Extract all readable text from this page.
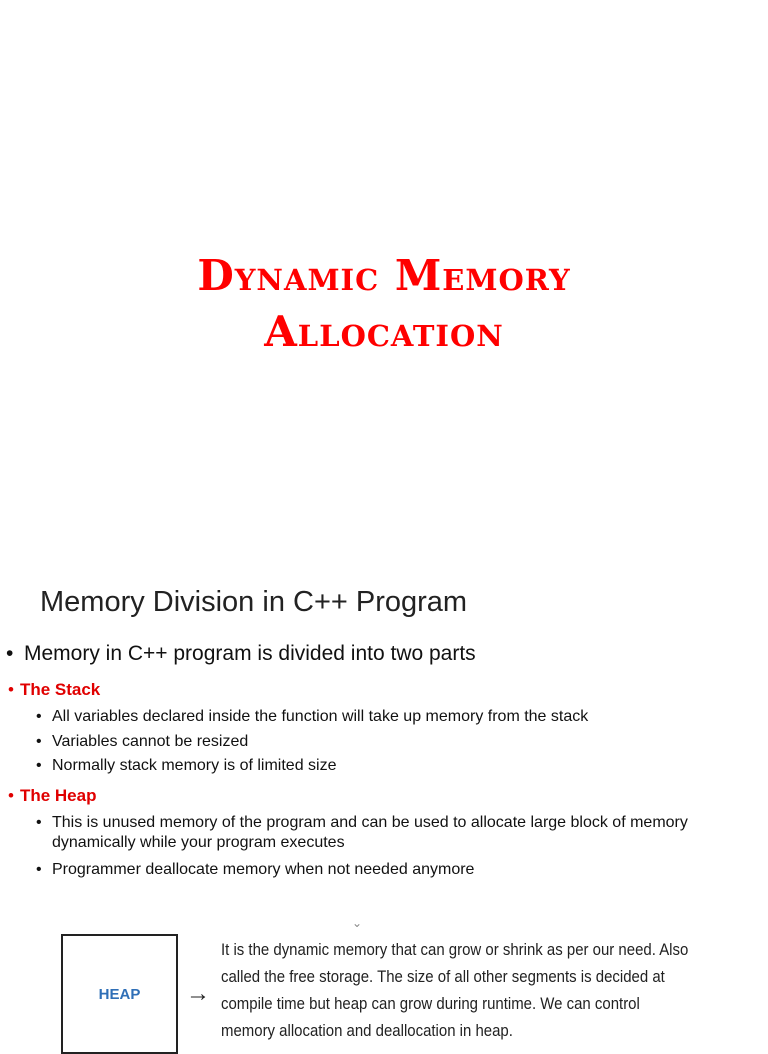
Dynamic Memory
Allocation
Memory Division in C++ Program
• Memory in C++ program is divided into two parts
• The Stack
• All variables declared inside the function will take up memory from the stack
• Variables cannot be resized
• Normally stack memory is of limited size
• The Heap
• This is unused memory of the program and can be used to allocate large block of memory dynamically while your program executes
• Programmer deallocate memory when not needed anymore
⌄
HEAP	→
It is the dynamic memory that can grow or shrink as per our need. Also called the free storage. The size of all other segments is decided at compile time but heap can grow during runtime. We can control memory allocation and deallocation in heap.
